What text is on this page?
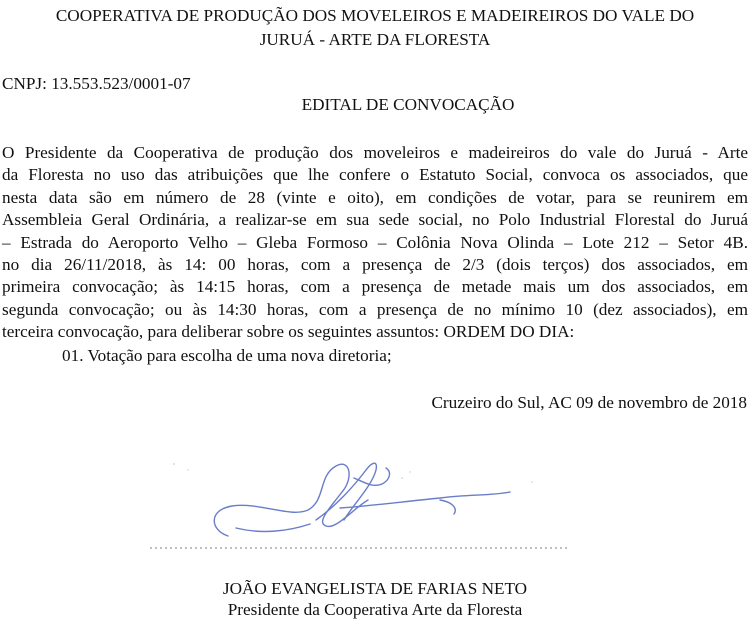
COOPERATIVA DE PRODUÇÃO DOS MOVELEIROS E MADEIREIROS DO VALE DO
JURUÁ - ARTE DA FLORESTA
CNPJ: 13.553.523/0001-07
EDITAL DE CONVOCAÇÃO
O Presidente da Cooperativa de produção dos moveleiros e madeireiros do vale do Juruá - Arte
da Floresta no uso das atribuições que lhe confere o Estatuto Social, convoca os associados, que
nesta data são em número de 28 (vinte e oito), em condições de votar, para se reunirem em
Assembleia Geral Ordinária, a realizar-se em sua sede social, no Polo Industrial Florestal do Juruá
– Estrada do Aeroporto Velho – Gleba Formoso – Colônia Nova Olinda – Lote 212 – Setor 4B.
no dia 26/11/2018, às 14: 00 horas, com a presença de 2/3 (dois terços) dos associados, em
primeira convocação; às 14:15 horas, com a presença de metade mais um dos associados, em
segunda convocação; ou às 14:30 horas, com a presença de no mínimo 10 (dez associados), em
terceira convocação, para deliberar sobre os seguintes assuntos: ORDEM DO DIA:
01. Votação para escolha de uma nova diretoria;
Cruzeiro do Sul, AC 09 de novembro de 2018
JOÃO EVANGELISTA DE FARIAS NETO
Presidente da Cooperativa Arte da Floresta
